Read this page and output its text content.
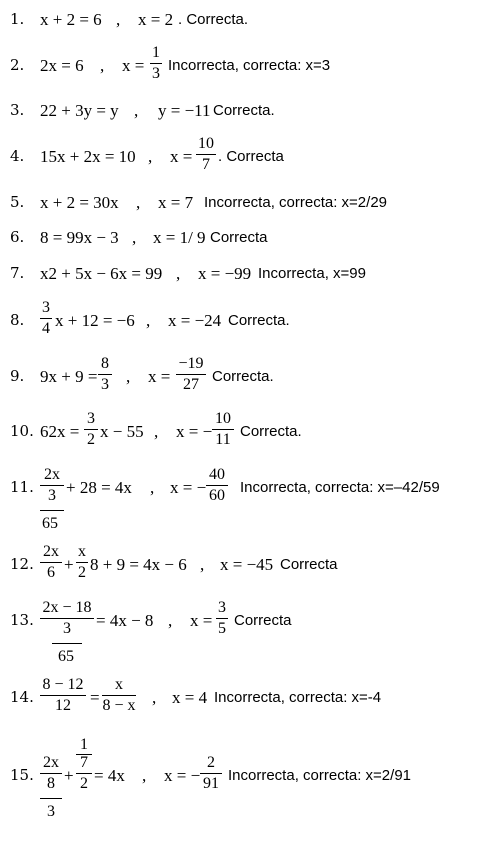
1. x + 2 = 6 , x = 2 . Correcta.
2. 2x = 6 , x =
1
3 Incorrecta, correcta: x=3
3. 22 + 3y = y , y = −11 Correcta.
4. 15x + 2x = 10 , x =
10
7 . Correcta
5. x + 2 = 30x , x = 7 Incorrecta, correcta: x=2/29
6. 8 = 99x − 3 , x = 1/ 9 Correcta
7. x2 + 5x − 6x = 99 , x = −99 Incorrecta, x=99
8.
3
4 x + 12 = −6 , x = −24 Correcta.
9. 9x + 9 =
8
3 , x =
−19
27 Correcta.
10. 62x =
3
2 x − 55 , x = −
10
11 Correcta.
11.
2x
3
65
+ 28 = 4x , x = −
40
60 Incorrecta, correcta: x=–42/59
12.
2x
6 +
x
2 8 + 9 = 4x − 6 , x = −45 Correcta
13.
2x − 18
3
65
= 4x − 8 , x =
3
5 Correcta
14.
8 − 12
12	=
x
8 − x , x = 4 Incorrecta, correcta: x=-4
15.
2x
8
3
+
1
7
2 = 4x , x = −
2
91 Incorrecta, correcta: x=2/91
